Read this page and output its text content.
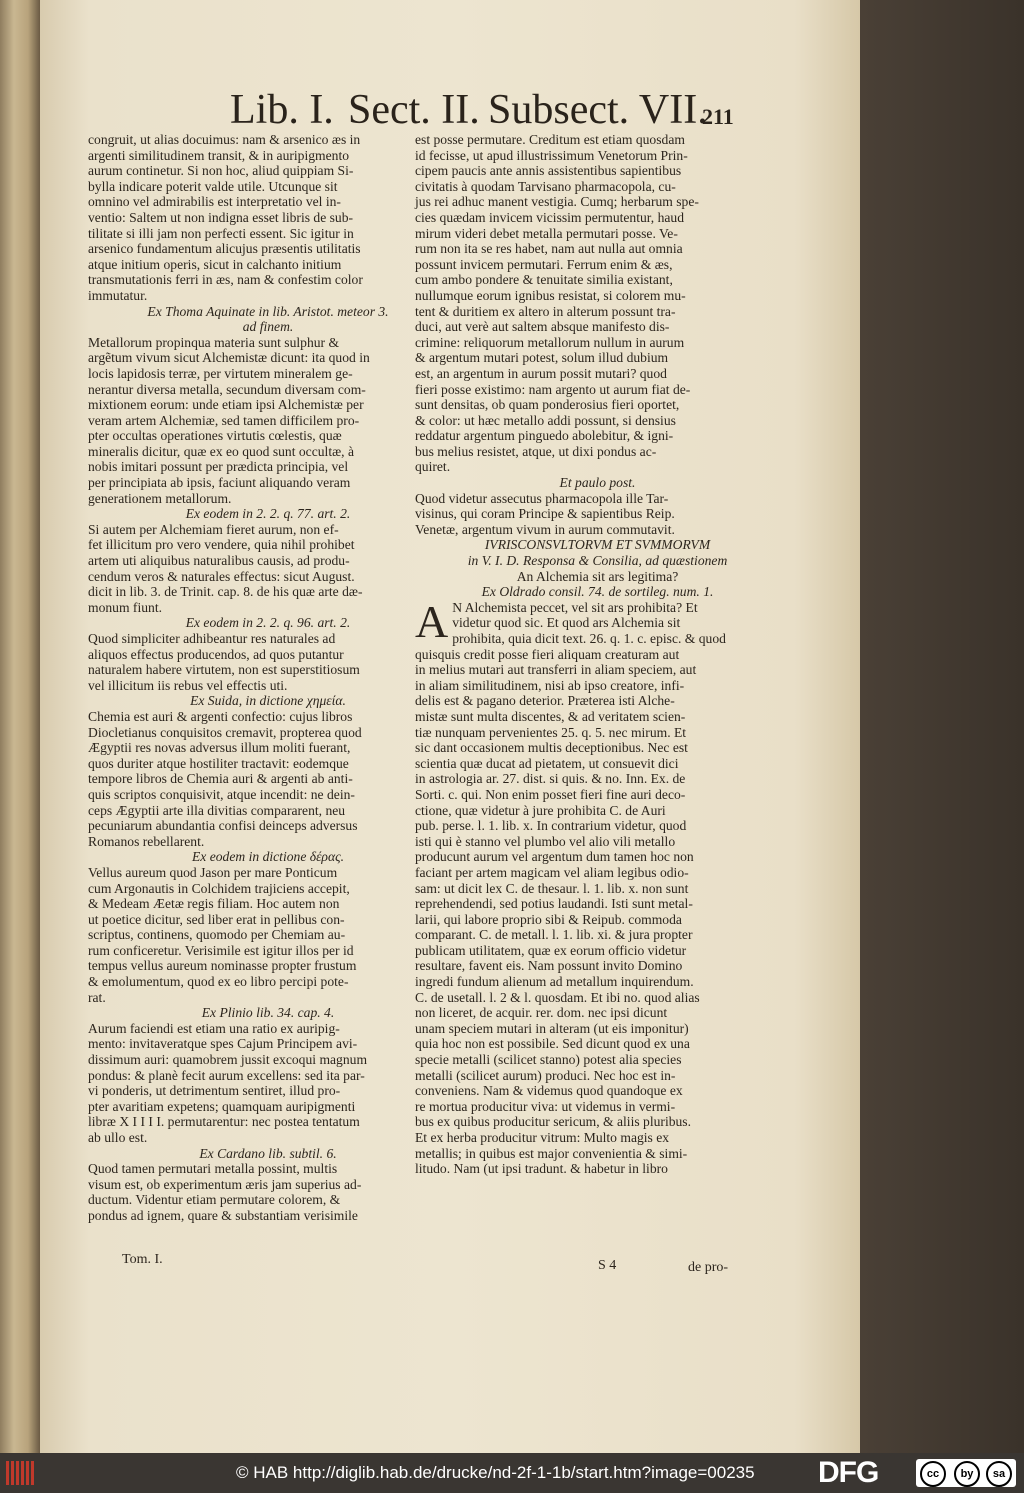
Lib. I. Sect. II. Subsect. VII.
211
congruit, ut alias docuimus: nam & arsenico æs in
argenti similitudinem transit, & in auripigmento
aurum continetur. Si non hoc, aliud quippiam Si-
bylla indicare poterit valde utile. Utcunque sit
omnino vel admirabilis est interpretatio vel in-
ventio: Saltem ut non indigna esset libris de sub-
tilitate si illi jam non perfecti essent. Sic igitur in
arsenico fundamentum alicujus præsentis utilitatis
atque initium operis, sicut in calchanto initium
transmutationis ferri in æs, nam & confestim color
immutatur.
Ex Thoma Aquinate in lib. Aristot. meteor 3.
ad finem.
Metallorum propinqua materia sunt sulphur &
argẽtum vivum sicut Alchemistæ dicunt: ita quod in
locis lapidosis terræ, per virtutem mineralem ge-
nerantur diversa metalla, secundum diversam com-
mixtionem eorum: unde etiam ipsi Alchemistæ per
veram artem Alchemiæ, sed tamen difficilem pro-
pter occultas operationes virtutis cœlestis, quæ
mineralis dicitur, quæ ex eo quod sunt occultæ, à
nobis imitari possunt per prædicta principia, vel
per principiata ab ipsis, faciunt aliquando veram
generationem metallorum.
Ex eodem in 2. 2. q. 77. art. 2.
Si autem per Alchemiam fieret aurum, non ef-
fet illicitum pro vero vendere, quia nihil prohibet
artem uti aliquibus naturalibus causis, ad produ-
cendum veros & naturales effectus: sicut August.
dicit in lib. 3. de Trinit. cap. 8. de his quæ arte dæ-
monum fiunt.
Ex eodem in 2. 2. q. 96. art. 2.
Quod simpliciter adhibeantur res naturales ad
aliquos effectus producendos, ad quos putantur
naturalem habere virtutem, non est superstitiosum
vel illicitum iis rebus vel effectis uti.
Ex Suida, in dictione χημεία.
Chemia est auri & argenti confectio: cujus libros
Diocletianus conquisitos cremavit, propterea quod
Ægyptii res novas adversus illum moliti fuerant,
quos duriter atque hostiliter tractavit: eodemque
tempore libros de Chemia auri & argenti ab anti-
quis scriptos conquisivit, atque incendit: ne dein-
ceps Ægyptii arte illa divitias compararent, neu
pecuniarum abundantia confisi deinceps adversus
Romanos rebellarent.
Ex eodem in dictione δέρας.
Vellus aureum quod Jason per mare Ponticum
cum Argonautis in Colchidem trajiciens accepit,
& Medeam Æetæ regis filiam. Hoc autem non
ut poetice dicitur, sed liber erat in pellibus con-
scriptus, continens, quomodo per Chemiam au-
rum conficeretur. Verisimile est igitur illos per id
tempus vellus aureum nominasse propter frustum
& emolumentum, quod ex eo libro percipi pote-
rat.
Ex Plinio lib. 34. cap. 4.
Aurum faciendi est etiam una ratio ex auripig-
mento: invitaveratque spes Cajum Principem avi-
dissimum auri: quamobrem jussit excoqui magnum
pondus: & planè fecit aurum excellens: sed ita par-
vi ponderis, ut detrimentum sentiret, illud pro-
pter avaritiam expetens; quamquam auripigmenti
libræ X I I I I. permutarentur: nec postea tentatum
ab ullo est.
Ex Cardano lib. subtil. 6.
Quod tamen permutari metalla possint, multis
visum est, ob experimentum æris jam superius ad-
ductum. Videntur etiam permutare colorem, &
pondus ad ignem, quare & substantiam verisimile
Tom. I.
est posse permutare. Creditum est etiam quosdam
id fecisse, ut apud illustrissimum Venetorum Prin-
cipem paucis ante annis assistentibus sapientibus
civitatis à quodam Tarvisano pharmacopola, cu-
jus rei adhuc manent vestigia. Cumq; herbarum spe-
cies quædam invicem vicissim permutentur, haud
mirum videri debet metalla permutari posse. Ve-
rum non ita se res habet, nam aut nulla aut omnia
possunt invicem permutari. Ferrum enim & æs,
cum ambo pondere & tenuitate similia existant,
nullumque eorum ignibus resistat, si colorem mu-
tent & duritiem ex altero in alterum possunt tra-
duci, aut verè aut saltem absque manifesto dis-
crimine: reliquorum metallorum nullum in aurum
& argentum mutari potest, solum illud dubium
est, an argentum in aurum possit mutari? quod
fieri posse existimo: nam argento ut aurum fiat de-
sunt densitas, ob quam ponderosius fieri oportet,
& color: ut hæc metallo addi possunt, si densius
reddatur argentum pinguedo abolebitur, & igni-
bus melius resistet, atque, ut dixi pondus ac-
quiret.
Et paulo post.
Quod videtur assecutus pharmacopola ille Tar-
visinus, qui coram Principe & sapientibus Reip.
Venetæ, argentum vivum in aurum commutavit.
IVRISCONSVLTORVM ET SVMMORVM
in V. I. D. Responsa & Consilia, ad quæstionem
An Alchemia sit ars legitima?
Ex Oldrado consil. 74. de sortileg. num. 1.
A N Alchemista peccet, vel sit ars prohibita? Et
videtur quod sic. Et quod ars Alchemia sit
prohibita, quia dicit text. 26. q. 1. c. episc. & quod
quisquis credit posse fieri aliquam creaturam aut
in melius mutari aut transferri in aliam speciem, aut
in aliam similitudinem, nisi ab ipso creatore, infi-
delis est & pagano deterior. Præterea isti Alche-
mistæ sunt multa discentes, & ad veritatem scien-
tiæ nunquam pervenientes 25. q. 5. nec mirum. Et
sic dant occasionem multis deceptionibus. Nec est
scientia quæ ducat ad pietatem, ut consuevit dici
in astrologia ar. 27. dist. si quis. & no. Inn. Ex. de
Sorti. c. qui. Non enim posset fieri fine auri deco-
ctione, quæ videtur à jure prohibita C. de Auri
pub. perse. l. 1. lib. x. In contrarium videtur, quod
isti qui è stanno vel plumbo vel alio vili metallo
producunt aurum vel argentum dum tamen hoc non
faciant per artem magicam vel aliam legibus odio-
sam: ut dicit lex C. de thesaur. l. 1. lib. x. non sunt
reprehendendi, sed potius laudandi. Isti sunt metal-
larii, qui labore proprio sibi & Reipub. commoda
comparant. C. de metall. l. 1. lib. xi. & jura propter
publicam utilitatem, quæ ex eorum officio videtur
resultare, favent eis. Nam possunt invito Domino
ingredi fundum alienum ad metallum inquirendum.
C. de usetall. l. 2 & l. quosdam. Et ibi no. quod alias
non liceret, de acquir. rer. dom. nec ipsi dicunt
unam speciem mutari in alteram (ut eis imponitur)
quia hoc non est possibile. Sed dicunt quod ex una
specie metalli (scilicet stanno) potest alia species
metalli (scilicet aurum) produci. Nec hoc est in-
conveniens. Nam & videmus quod quandoque ex
re mortua producitur viva: ut videmus in vermi-
bus ex quibus producitur sericum, & aliis pluribus.
Et ex herba producitur vitrum: Multo magis ex
metallis; in quibus est major convenientia & simi-
litudo. Nam (ut ipsi tradunt. & habetur in libro
S 4	de pro-
© HAB http://diglib.hab.de/drucke/nd-2f-1-1b/start.htm?image=00235 DFG	cc	by	sa
